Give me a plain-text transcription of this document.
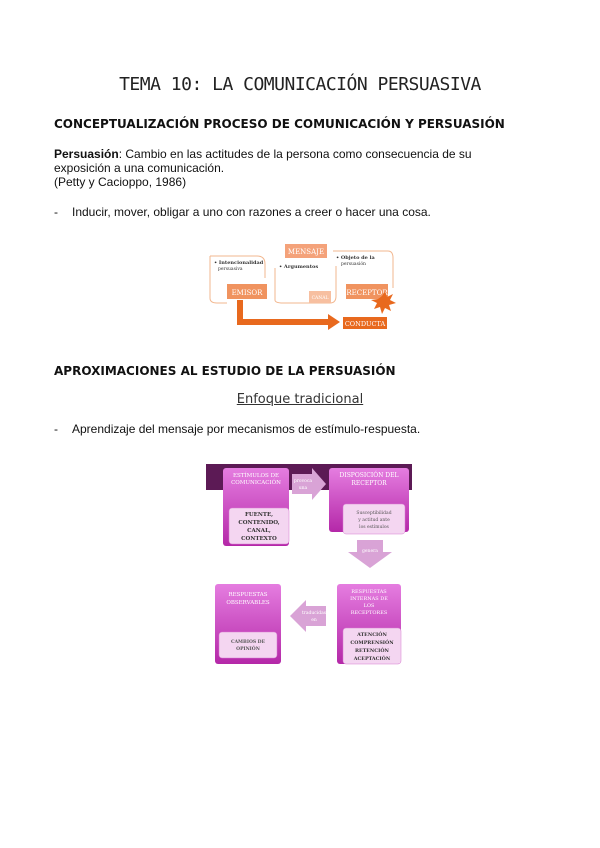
TEMA 10: LA COMUNICACIÓN PERSUASIVA
CONCEPTUALIZACIÓN PROCESO DE COMUNICACIÓN Y PERSUASIÓN
Persuasión: Cambio en las actitudes de la persona como consecuencia de su exposición a una comunicación.
(Petty y Cacioppo, 1986)
- Inducir, mover, obligar a uno con razones a creer o hacer una cosa.
• Intencionalidad
persuasiva	• Argumentos
• Objeto de la
persuasión
MENSAJE
EMISOR
CANAL
RECEPTOR
CONDUCTA
APROXIMACIONES AL ESTUDIO DE LA PERSUASIÓN
Enfoque tradicional
- Aprendizaje del mensaje por mecanismos de estímulo-respuesta.
ESTÍMULOS DE
COMUNICACIÓN
FUENTE,
CONTENIDO,
CANAL,
CONTEXTO
provoca
una
DISPOSICIÓN DEL
RECEPTOR
Susceptibilidad
y actitud ante
los estímulos
genera
RESPUESTAS
INTERNAS DE
LOS
RECEPTORES
ATENCIÓN
COMPRENSIÓN
RETENCIÓN
ACEPTACIÓN
traducidas
en
RESPUESTAS
OBSERVABLES
CAMBIOS DE
OPINIÓN
